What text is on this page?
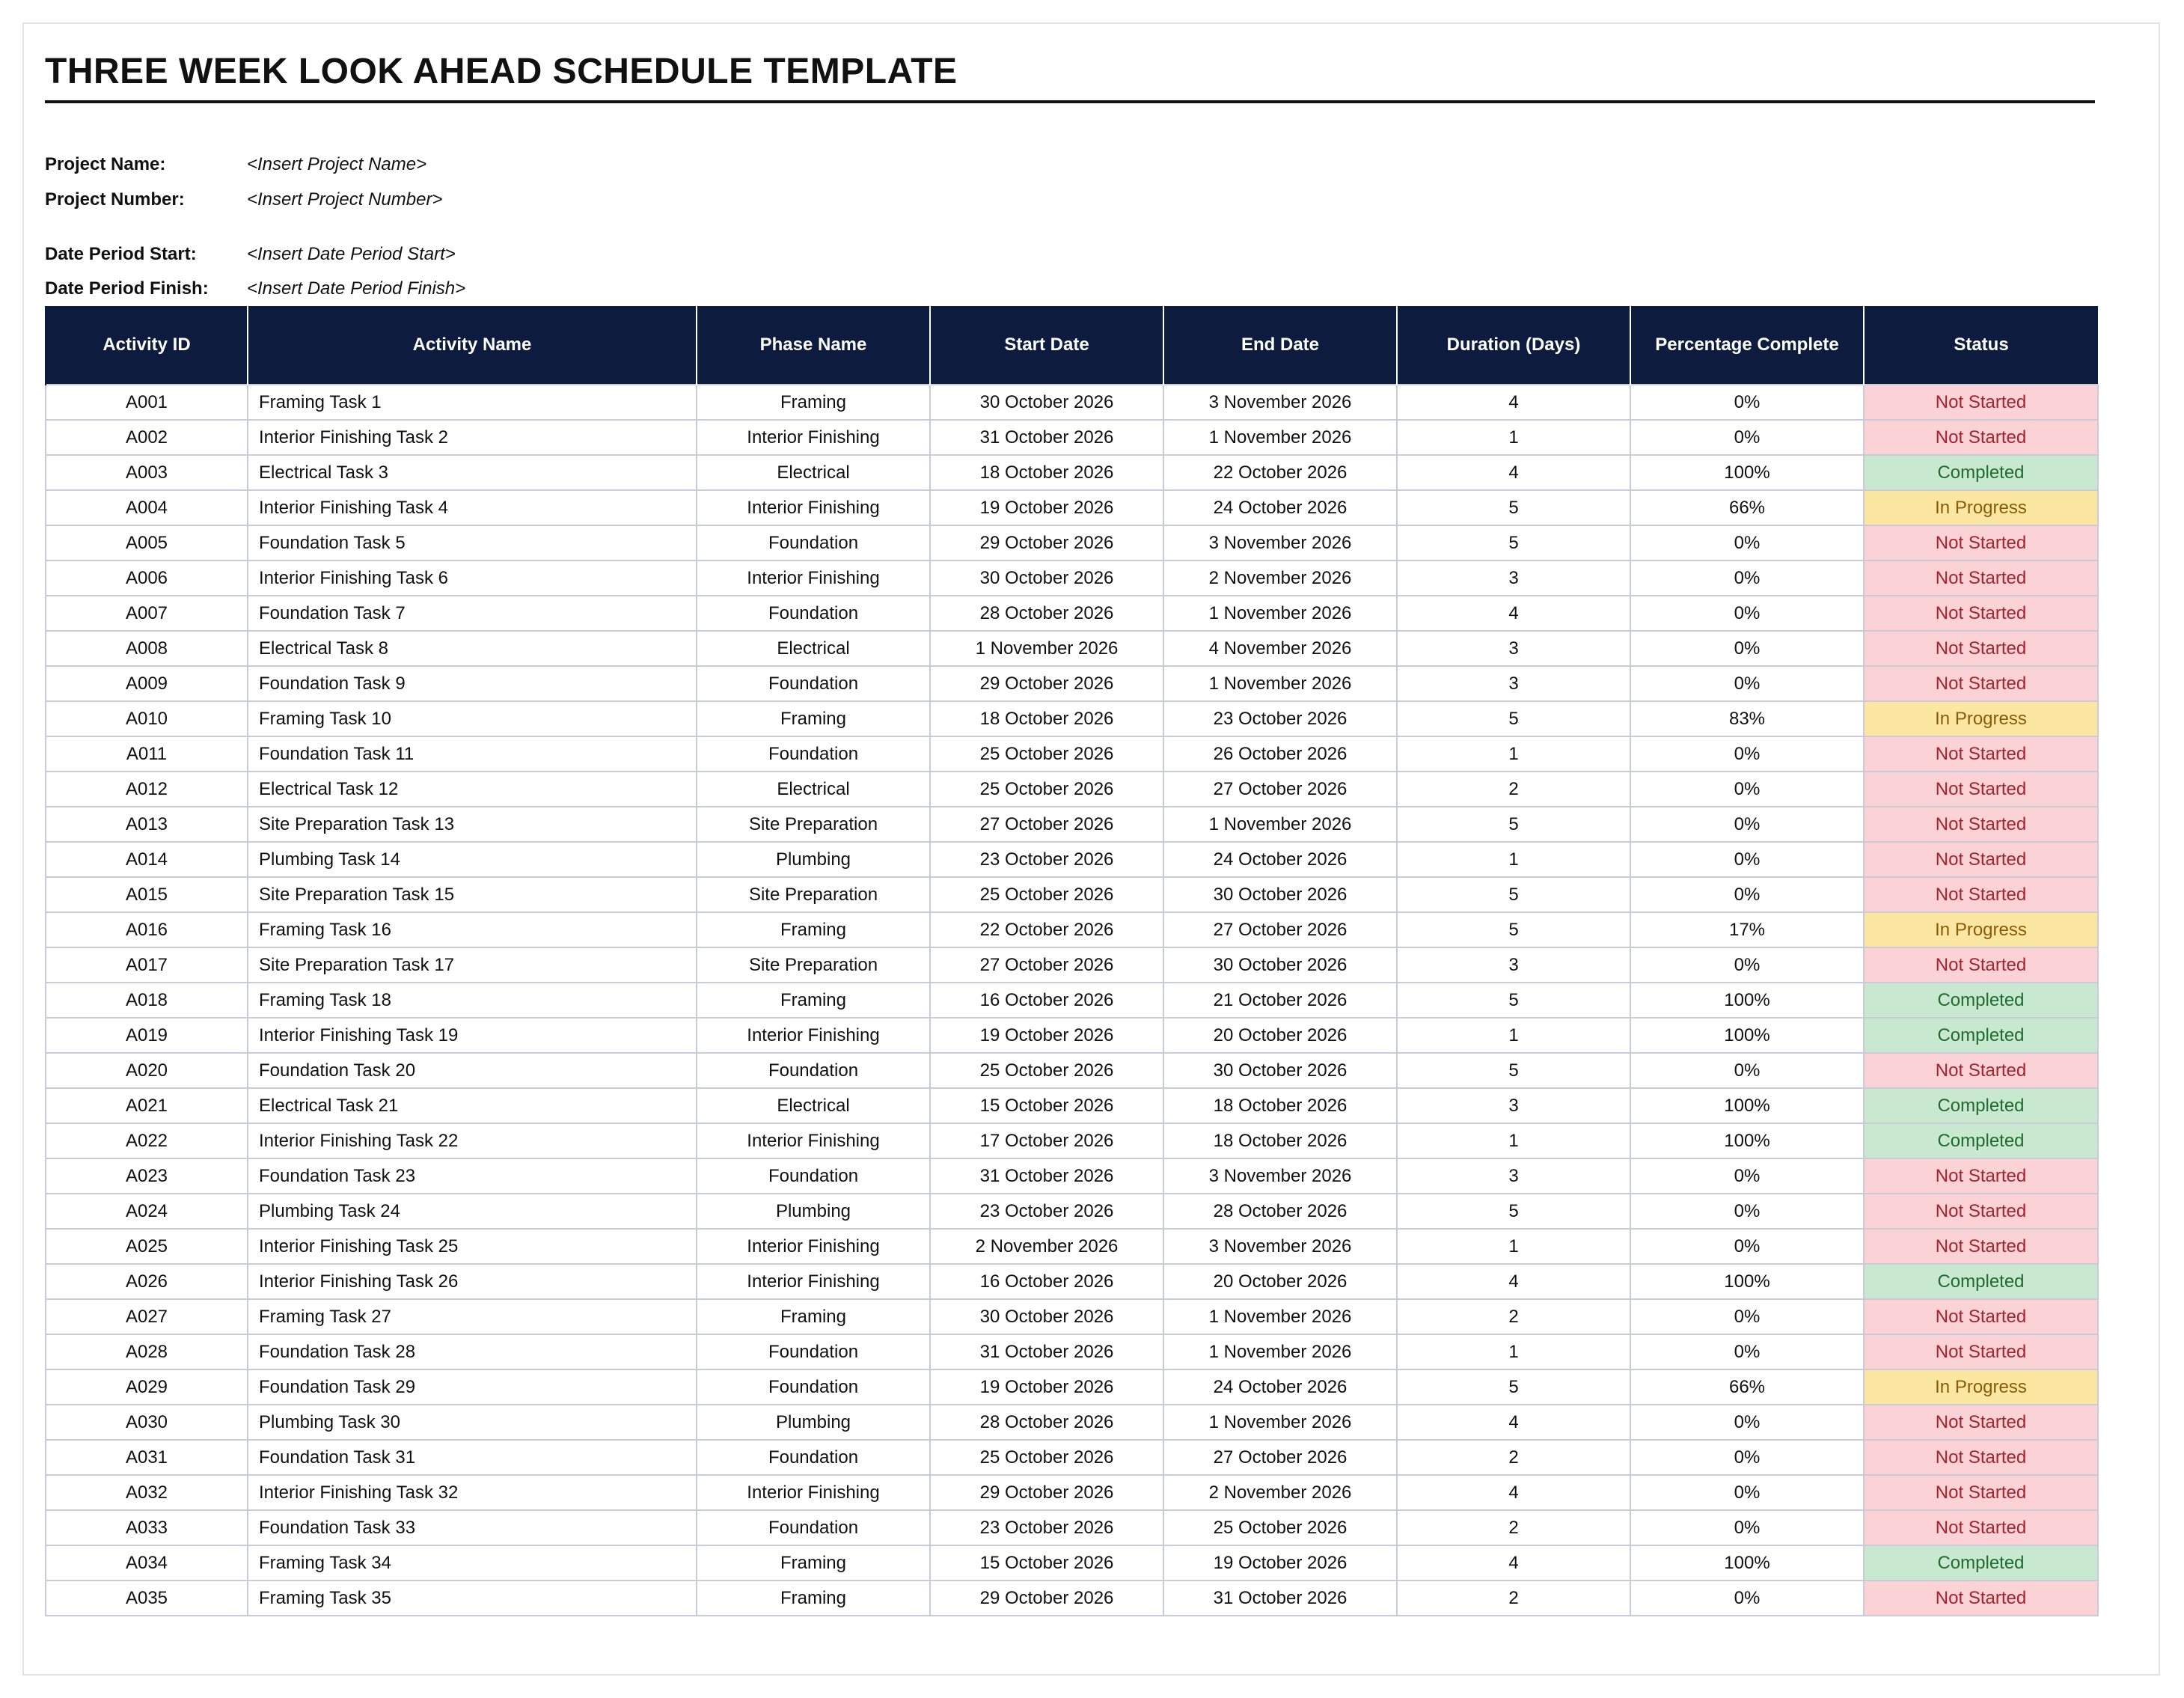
THREE WEEK LOOK AHEAD SCHEDULE TEMPLATE
Project Name:	<Insert Project Name>
Project Number:	<Insert Project Number>
Date Period Start:	<Insert Date Period Start>
Date Period Finish: <Insert Date Period Finish>
Activity ID	Activity Name	Phase Name	Start Date	End Date	Duration (Days)	Percentage Complete	Status
A001	Framing Task 1	Framing	30 October 2026	3 November 2026	4	0%	Not Started
A002	Interior Finishing Task 2	Interior Finishing	31 October 2026	1 November 2026	1	0%	Not Started
A003	Electrical Task 3	Electrical	18 October 2026	22 October 2026	4	100%	Completed
A004	Interior Finishing Task 4	Interior Finishing	19 October 2026	24 October 2026	5	66%	In Progress
A005	Foundation Task 5	Foundation	29 October 2026	3 November 2026	5	0%	Not Started
A006	Interior Finishing Task 6	Interior Finishing	30 October 2026	2 November 2026	3	0%	Not Started
A007	Foundation Task 7	Foundation	28 October 2026	1 November 2026	4	0%	Not Started
A008	Electrical Task 8	Electrical	1 November 2026	4 November 2026	3	0%	Not Started
A009	Foundation Task 9	Foundation	29 October 2026	1 November 2026	3	0%	Not Started
A010	Framing Task 10	Framing	18 October 2026	23 October 2026	5	83%	In Progress
A011	Foundation Task 11	Foundation	25 October 2026	26 October 2026	1	0%	Not Started
A012	Electrical Task 12	Electrical	25 October 2026	27 October 2026	2	0%	Not Started
A013	Site Preparation Task 13	Site Preparation	27 October 2026	1 November 2026	5	0%	Not Started
A014	Plumbing Task 14	Plumbing	23 October 2026	24 October 2026	1	0%	Not Started
A015	Site Preparation Task 15	Site Preparation	25 October 2026	30 October 2026	5	0%	Not Started
A016	Framing Task 16	Framing	22 October 2026	27 October 2026	5	17%	In Progress
A017	Site Preparation Task 17	Site Preparation	27 October 2026	30 October 2026	3	0%	Not Started
A018	Framing Task 18	Framing	16 October 2026	21 October 2026	5	100%	Completed
A019	Interior Finishing Task 19	Interior Finishing	19 October 2026	20 October 2026	1	100%	Completed
A020	Foundation Task 20	Foundation	25 October 2026	30 October 2026	5	0%	Not Started
A021	Electrical Task 21	Electrical	15 October 2026	18 October 2026	3	100%	Completed
A022	Interior Finishing Task 22	Interior Finishing	17 October 2026	18 October 2026	1	100%	Completed
A023	Foundation Task 23	Foundation	31 October 2026	3 November 2026	3	0%	Not Started
A024	Plumbing Task 24	Plumbing	23 October 2026	28 October 2026	5	0%	Not Started
A025	Interior Finishing Task 25	Interior Finishing	2 November 2026	3 November 2026	1	0%	Not Started
A026	Interior Finishing Task 26	Interior Finishing	16 October 2026	20 October 2026	4	100%	Completed
A027	Framing Task 27	Framing	30 October 2026	1 November 2026	2	0%	Not Started
A028	Foundation Task 28	Foundation	31 October 2026	1 November 2026	1	0%	Not Started
A029	Foundation Task 29	Foundation	19 October 2026	24 October 2026	5	66%	In Progress
A030	Plumbing Task 30	Plumbing	28 October 2026	1 November 2026	4	0%	Not Started
A031	Foundation Task 31	Foundation	25 October 2026	27 October 2026	2	0%	Not Started
A032	Interior Finishing Task 32	Interior Finishing	29 October 2026	2 November 2026	4	0%	Not Started
A033	Foundation Task 33	Foundation	23 October 2026	25 October 2026	2	0%	Not Started
A034	Framing Task 34	Framing	15 October 2026	19 October 2026	4	100%	Completed
A035	Framing Task 35	Framing	29 October 2026	31 October 2026	2	0%	Not Started
